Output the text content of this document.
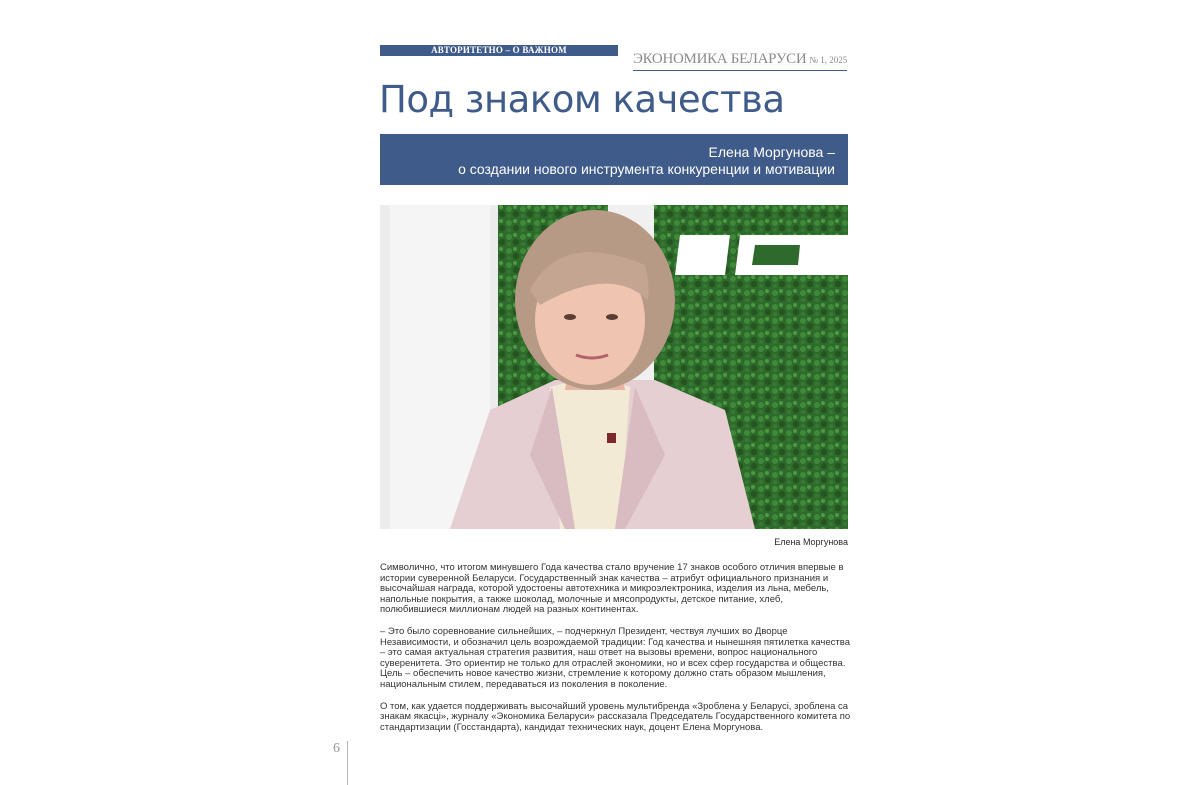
АВТОРИТЕТНО – О ВАЖНОМ
ЭКОНОМИКА БЕЛАРУСИ № 1, 2025
Под знаком качества
Елена Моргунова –
о создании нового инструмента конкуренции и мотивации
Елена Моргунова

Символично, что итогом минувшего Года качества стало вручение 17 знаков особого отличия впервые в истории суверенной Беларуси. Государственный знак качества – атрибут официального признания и высочайшая награда, которой удостоены автотехника и микроэлектроника, изделия из льна, мебель, напольные покрытия, а также шоколад, молочные и мясопродукты, детское питание, хлеб, полюбившиеся миллионам людей на разных континентах.

– Это было соревнование сильнейших, – подчеркнул Президент, чествуя лучших во Дворце Независимости, и обозначил цель возрождаемой традиции: Год качества и нынешняя пятилетка качества – это самая актуальная стратегия развития, наш ответ на вызовы времени, вопрос национального суверенитета. Это ориентир не только для отраслей экономики, но и всех сфер государства и общества. Цель – обеспечить новое качество жизни, стремление к которому должно стать образом мышления, национальным стилем, передаваться из поколения в поколение.

О том, как удается поддерживать высочайший уровень мультибренда «Зроблена у Беларусі, зроблена са знакам якасці», журналу «Экономика Беларуси» рассказала Председатель Государственного комитета по стандартизации (Госстандарта), кандидат технических наук, доцент Елена Моргунова.

6
